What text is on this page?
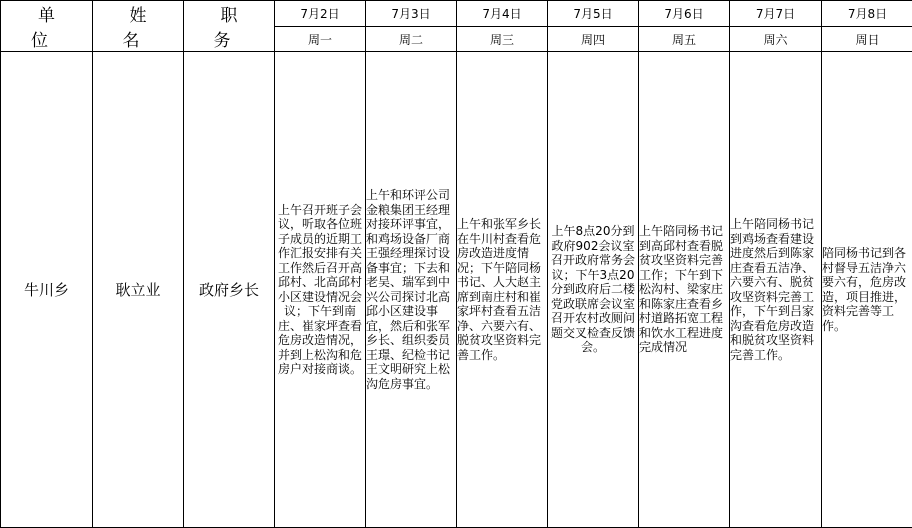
单 位	姓 名	职 务	7月2日	7月3日	7月4日	7月5日	7月6日	7月7日	7月8日
			周一	周二	周三	周四	周五	周六	周日
牛川乡	耿立业	政府乡长	上午召开班子会议，听取各位班子成员的近期工作汇报安排有关工作然后召开高邱村、北高邱村小区建设情况会议；下午到南庄、崔家坪查看危房改造情况，并到上松沟和危房户对接商谈。	上午和环评公司金粮集团王经理对接环评事宜，和鸡场设备厂商王强经理探讨设备事宜；下去和老吴、瑞军到中兴公司探讨北高邱小区建设事宜，然后和张军乡长、组织委员王璟、纪检书记王文明研究上松沟危房事宜。	上午和张军乡长在牛川村查看危房改造进度情况；下午陪同杨书记、人大赵主席到南庄村和崔家坪村查看五洁净、六要六有、脱贫攻坚资料完善工作。	上午8点20分到政府902会议室召开政府常务会议；下午3点20分到政府后二楼党政联席会议室召开农村改厕问题交叉检查反馈会。	上午陪同杨书记到高邱村查看脱贫攻坚资料完善工作；下午到下松沟村、梁家庄和陈家庄查看乡村道路拓宽工程和饮水工程进度完成情况	上午陪同杨书记到鸡场查看建设进度然后到陈家庄查看五洁净、六要六有、脱贫攻坚资料完善工作，下午到吕家沟查看危房改造和脱贫攻坚资料完善工作。	陪同杨书记到各村督导五洁净六要六有，危房改造，项目推进，资料完善等工作。
